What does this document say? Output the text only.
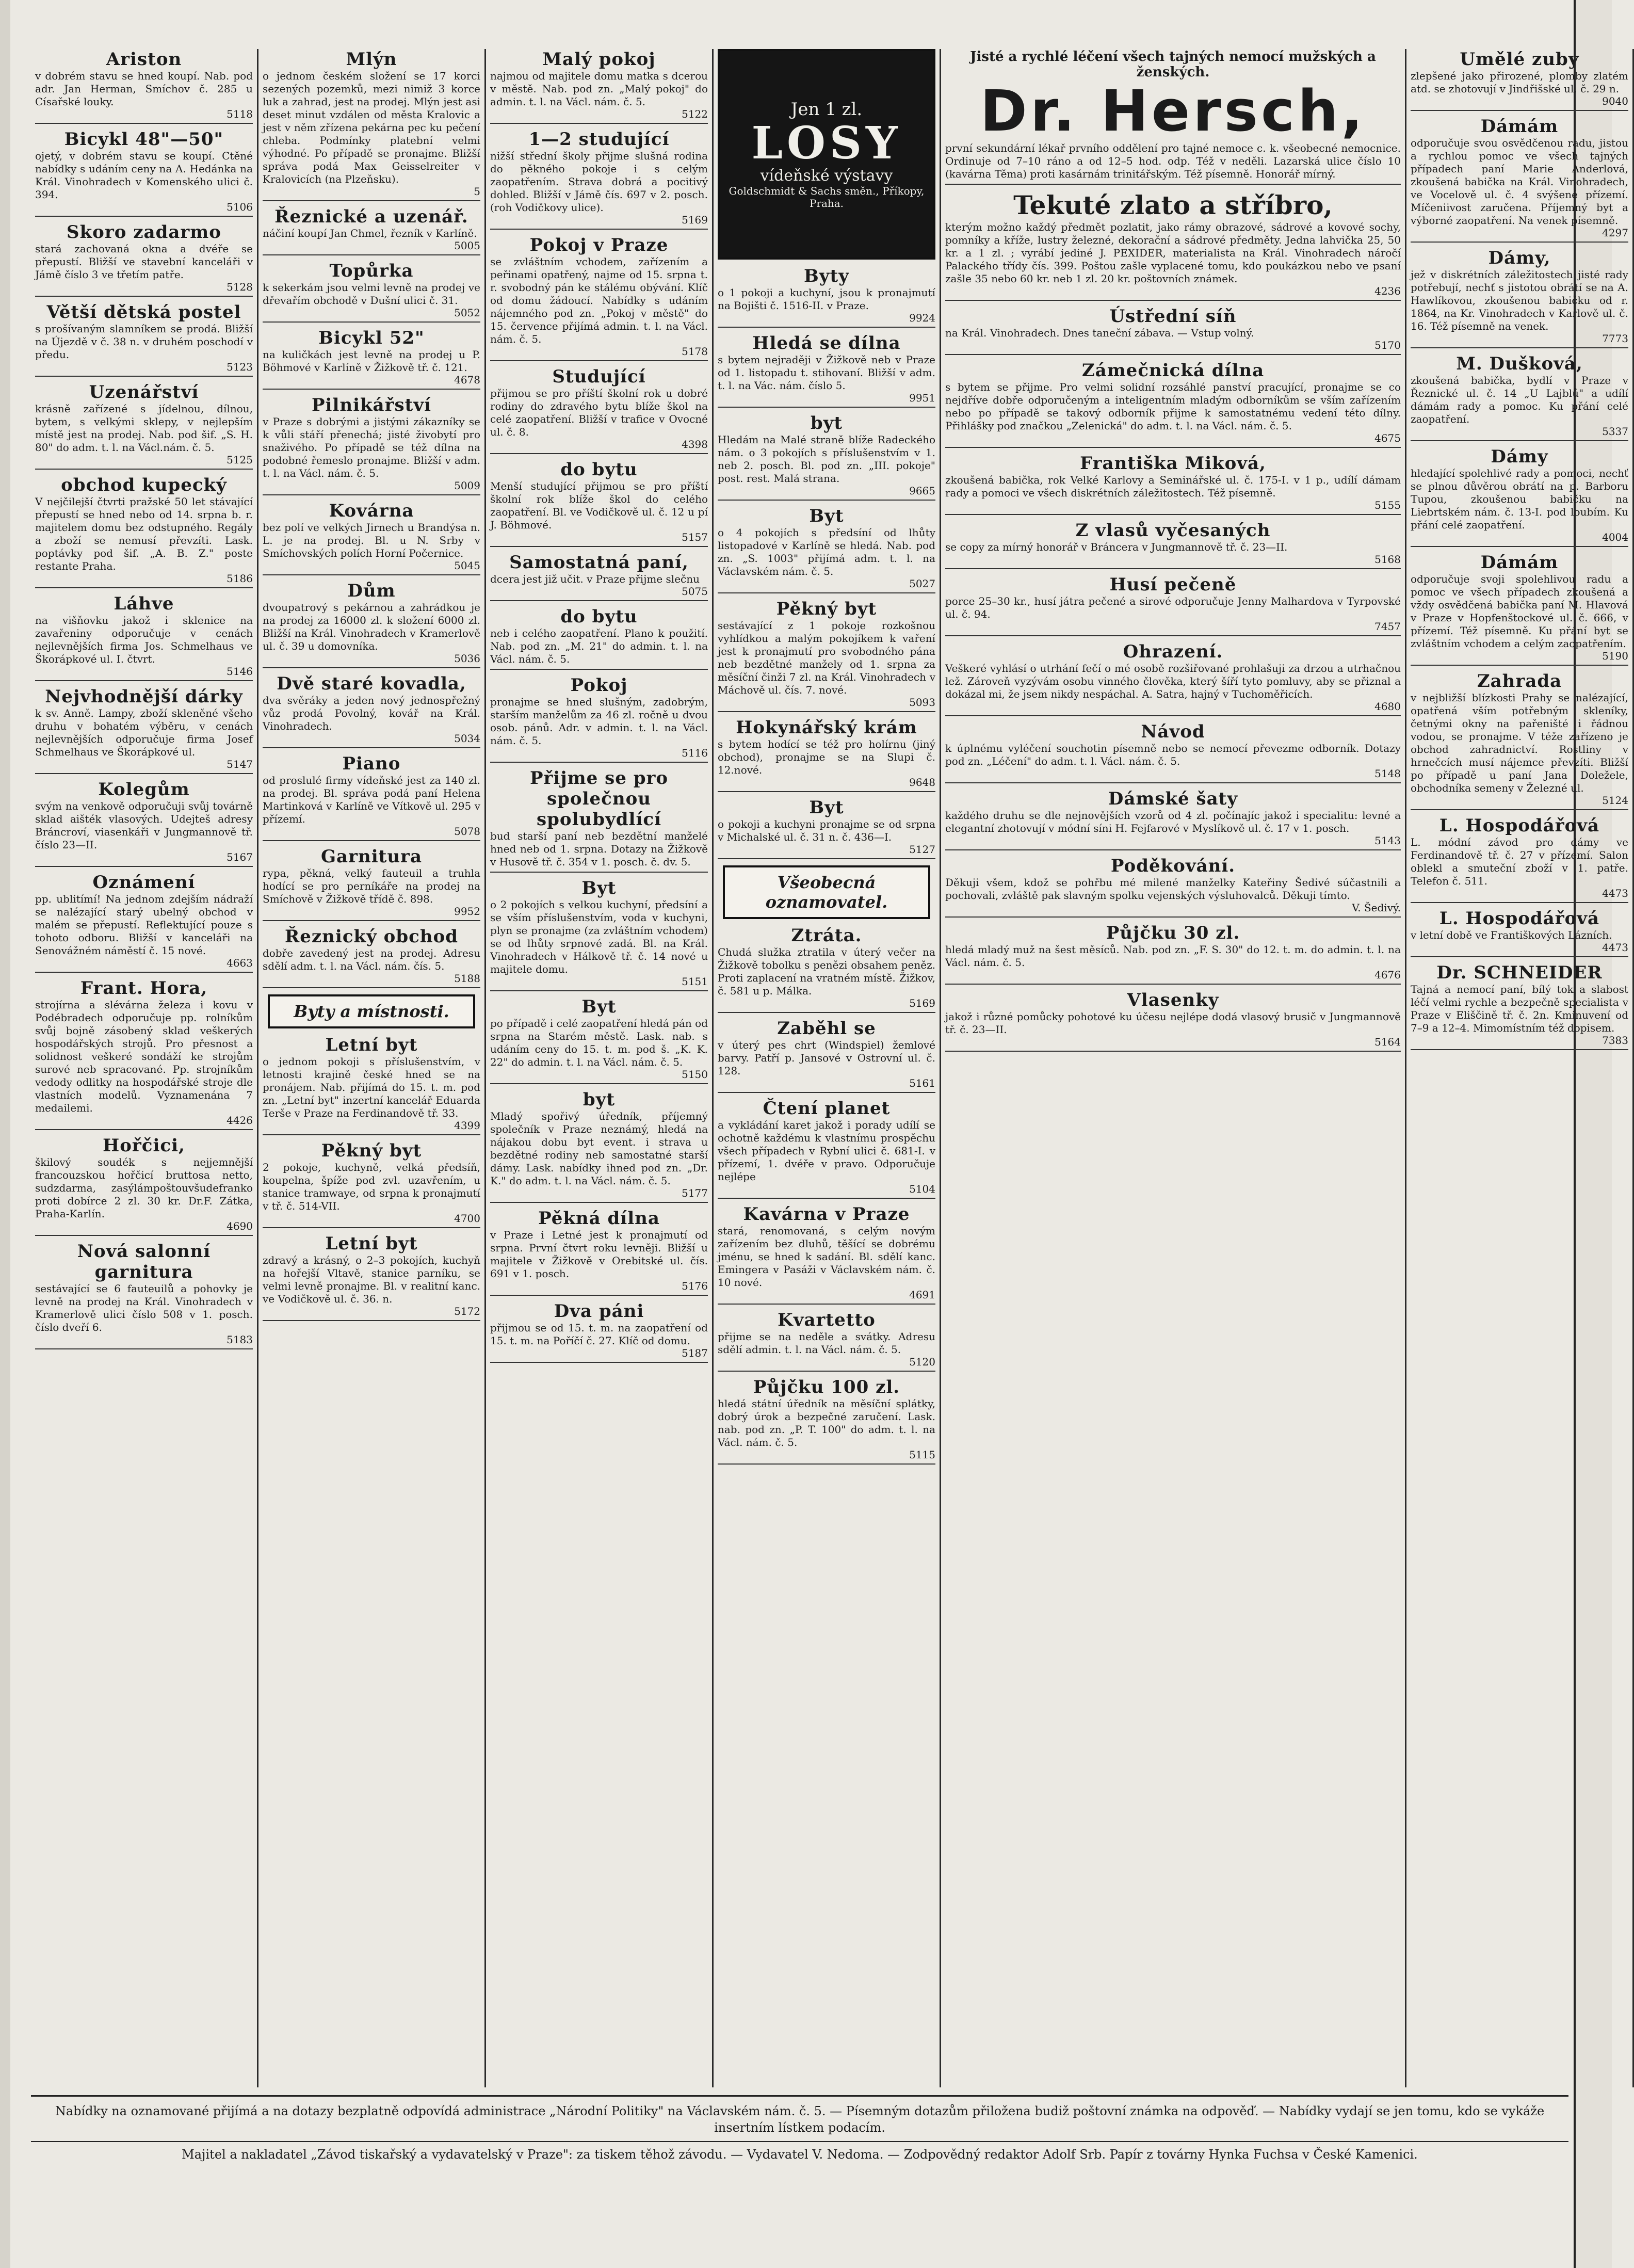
Ariston

v dobrém stavu se hned koupí. Nab. pod adr. Jan Herman, Smíchov č. 285 u Císařské louky.

5118
Bicykl 48"—50"

ojetý, v dobrém stavu se koupí. Ctěné nabídky s udáním ceny na A. Hedánka na Král. Vinohradech v Komenského ulici č. 394.

5106
Skoro zadarmo

stará zachovaná okna a dvéře se přepustí. Bližší ve stavební kanceláři v Jámě číslo 3 ve třetím patře.

5128
Větší dětská postel

s prošívaným slamníkem se prodá. Bližší na Újezdě v č. 38 n. v druhém poschodí v předu.

5123
Uzenářství

krásně zařízené s jídelnou, dílnou, bytem, s velkými sklepy, v nejlepším místě jest na prodej. Nab. pod šif. „S. H. 80" do adm. t. l. na Václ.nám. č. 5.

5125
obchod kupecký

V nejčilejší čtvrti pražské 50 let stávající přepustí se hned nebo od 14. srpna b. r. majitelem domu bez odstupného. Regály a zboží se nemusí převzíti. Lask. poptávky pod šif. „A. B. Z." poste restante Praha.

5186
Láhve

na višňovku jakož i sklenice na zavařeniny odporučuje v cenách nejlevnějších firma Jos. Schmelhaus ve Škorápkové ul. I. čtvrt.

5146
Nejvhodnější dárky

k sv. Anně. Lampy, zboží skleněné všeho druhu v bohatém výběru, v cenách nejlevnějších odporučuje firma Josef Schmelhaus ve Škorápkové ul.

5147
Kolegům

svým na venkově odporučuji svůj továrně sklad aišték vlasových. Udejteš adresy Bráncroví, viasenkáři v Jungmannově tř. číslo 23—II.

5167
Oznámení

pp. ublitímí! Na jednom zdejším nádraží se nalézající starý ubelný obchod v malém se přepustí. Reflektující pouze s tohoto odboru. Bližší v kanceláři na Senovážném náměstí č. 15 nové.

4663
Frant. Hora,

strojírna a slévárna železa i kovu v Podébradech odporučuje pp. rolníkům svůj bojně zásobený sklad veškerých hospodářských strojů. Pro přesnost a solidnost veškeré sondáží ke strojům surové neb spracované. Pp. strojníkům vedody odlitky na hospodářské stroje dle vlastních modelů. Vyznamenána 7 medailemi.

4426
Hořčici,

škilový soudék s nejjemnější francouzskou hořčicí bruttosa netto, sudzdarma, zasýlámpoštouvšudefranko proti dobírce 2 zl. 30 kr. Dr.F. Zátka, Praha-Karlín.

4690
Nová salonní garnitura

sestávající se 6 fauteuilů a pohovky je levně na prodej na Král. Vinohradech v Kramerlově ulici číslo 508 v 1. posch. číslo dveří 6.

5183
Mlýn

o jednom českém složení se 17 korci sezených pozemků, mezi nimiž 3 korce luk a zahrad, jest na prodej. Mlýn jest asi deset minut vzdálen od města Kralovic a jest v něm zřízena pekárna pec ku pečení chleba. Podmínky platební velmi výhodné. Po případě se pronajme. Bližší správa podá Max Geisselreiter v Kralovicích (na Plzeňsku).

5
Řeznické a uzenář.

náčiní koupí Jan Chmel, řezník v Karlíně.

5005
Topůrka

k sekerkám jsou velmi levně na prodej ve dřevařím obchodě v Dušní ulici č. 31.

5052
Bicykl 52"

na kuličkách jest levně na prodej u P. Böhmové v Karlíně v Žižkově tř. č. 121.

4678
Pilnikářství

v Praze s dobrými a jistými zákazníky se k vůli stáří přenechá; jisté živobytí pro snaživého. Po případě se též dílna na podobné řemeslo pronajme. Bližší v adm. t. l. na Václ. nám. č. 5.

5009
Kovárna

bez polí ve velkých Jirnech u Brandýsa n. L. je na prodej. Bl. u N. Srby v Smíchovských polích Horní Počernice.

5045
Dům

dvoupatrový s pekárnou a zahrádkou je na prodej za 16000 zl. k složení 6000 zl. Bližší na Král. Vinohradech v Kramerlově ul. č. 39 u domovníka.

5036
Dvě staré kovadla,

dva svěráky a jeden nový jednospřežný vůz prodá Povolný, kovář na Král. Vinohradech.

5034
Piano

od proslulé firmy vídeňské jest za 140 zl. na prodej. Bl. správa podá paní Helena Martinková v Karlíně ve Vítkově ul. 295 v přízemí.

5078
Garnitura

rypa, pěkná, velký fauteuil a truhla hodící se pro perníkáře na prodej na Smíchově v Žižkově třídě č. 898.

9952
Řeznický obchod

dobře zavedený jest na prodej. Adresu sdělí adm. t. l. na Václ. nám. čís. 5.

5188
Byty a místnosti.
Letní byt

o jednom pokoji s příslušenstvím, v letnosti krajině české hned se na pronájem. Nab. přijímá do 15. t. m. pod zn. „Letní byt" inzertní kancelář Eduarda Terše v Praze na Ferdinandově tř. 33.

4399
Pěkný byt

2 pokoje, kuchyně, velká předsíň, koupelna, špíže pod zvl. uzavřením, u stanice tramwaye, od srpna k pronajmutí v tř. č. 514-VII.

4700
Letní byt

zdravý a krásný, o 2–3 pokojích, kuchyň na hořejší Vltavě, stanice parníku, se velmi levně pronajme. Bl. v realitní kanc. ve Vodičkově ul. č. 36. n.

5172
Malý pokoj

najmou od majitele domu matka s dcerou v městě. Nab. pod zn. „Malý pokoj" do admin. t. l. na Václ. nám. č. 5.

5122
1—2 studující

nižší střední školy přijme slušná rodina do pěkného pokoje i s celým zaopatřením. Strava dobrá a pocitivý dohled. Bližší v Jámě čís. 697 v 2. posch. (roh Vodičkovy ulice).

5169
Pokoj v Praze

se zvláštním vchodem, zařízením a peřinami opatřený, najme od 15. srpna t. r. svobodný pán ke stálému obývání. Klíč od domu žádoucí. Nabídky s udáním nájemného pod zn. „Pokoj v městě" do 15. července přijímá admin. t. l. na Václ. nám. č. 5.

5178
Studující

přijmou se pro příští školní rok u dobré rodiny do zdravého bytu blíže škol na celé zaopatření. Bližší v trafice v Ovocné ul. č. 8.

4398
do bytu

Menší studující přijmou se pro příští školní rok blíže škol do celého zaopatření. Bl. ve Vodičkově ul. č. 12 u pí J. Böhmové.

5157
Samostatná paní,

dcera jest již učit. v Praze přijme slečnu

5075
do bytu

neb i celého zaopatření. Plano k použití. Nab. pod zn. „M. 21" do admin. t. l. na Václ. nám. č. 5.

Pokoj

pronajme se hned slušným, zadobrým, starším manželům za 46 zl. ročně u dvou osob. pánů. Adr. v admin. t. l. na Václ. nám. č. 5.

5116
Přijme se pro společnou spolubydlící

bud starší paní neb bezdětní manželé hned neb od 1. srpna. Dotazy na Žižkově v Husově tř. č. 354 v 1. posch. č. dv. 5.

Byt

o 2 pokojích s velkou kuchyní, předsíní a se vším příslušenstvím, voda v kuchyni, plyn se pronajme (za zvláštním vchodem) se od lhůty srpnové zadá. Bl. na Král. Vinohradech v Hálkově tř. č. 14 nové u majitele domu.

5151
Byt

po případě i celé zaopatření hledá pán od srpna na Starém městě. Lask. nab. s udáním ceny do 15. t. m. pod š. „K. K. 22" do admin. t. l. na Václ. nám. č. 5.

5150
byt

Mladý spořivý úředník, příjemný společník v Praze neznámý, hledá na nájakou dobu byt event. i strava u bezdětné rodiny neb samostatné starší dámy. Lask. nabídky ihned pod zn. „Dr. K." do adm. t. l. na Václ. nám. č. 5.

5177
Pěkná dílna

v Praze i Letné jest k pronajmutí od srpna. První čtvrt roku levněji. Bližší u majitele v Žižkově v Orebitské ul. čís. 691 v 1. posch.

5176
Dva páni

přijmou se od 15. t. m. na zaopatření od 15. t. m. na Poříčí č. 27. Klíč od domu.

5187
Jen 1 zl.
LOSY
vídeňské výstavy
Goldschmidt & Sachs směn., Příkopy, Praha.
Byty

o 1 pokoji a kuchyní, jsou k pronajmutí na Bojišti č. 1516-II. v Praze.

9924
Hledá se dílna

s bytem nejraději v Žižkově neb v Praze od 1. listopadu t. stihovaní. Bližší v adm. t. l. na Vác. nám. číslo 5.

9951
byt

Hledám na Malé straně blíže Radeckého nám. o 3 pokojích s příslušenstvím v 1. neb 2. posch. Bl. pod zn. „III. pokoje" post. rest. Malá strana.

9665
Byt

o 4 pokojích s předsíní od lhůty listopadové v Karlíně se hledá. Nab. pod zn. „S. 1003" přijímá adm. t. l. na Václavském nám. č. 5.

5027
Pěkný byt

sestávající z 1 pokoje rozkošnou vyhlídkou a malým pokojíkem k vaření jest k pronajmutí pro svobodného pána neb bezdětné manžely od 1. srpna za měsíční činži 7 zl. na Král. Vinohradech v Máchově ul. čís. 7. nové.

5093
Hokynářský krám

s bytem hodící se též pro holírnu (jiný obchod), pronajme se na Slupi č. 12.nové.

9648
Byt

o pokoji a kuchyni pronajme se od srpna v Michalské ul. č. 31 n. č. 436—I.

5127
Všeobecná oznamovatel.
Ztráta.

Chudá služka ztratila v úterý večer na Žižkově tobolku s penězi obsahem peněz. Proti zaplacení na vratném místě. Žižkov, č. 581 u p. Málka.

5169
Zaběhl se

v úterý pes chrt (Windspiel) žemlové barvy. Patří p. Jansové v Ostrovní ul. č. 128.

5161
Čtení planet

a vykládání karet jakož i porady udílí se ochotně každému k vlastnímu prospěchu všech případech v Rybní ulici č. 681-I. v přízemí, 1. dvéře v pravo. Odporučuje nejlépe

5104
Kavárna v Praze

stará, renomovaná, s celým novým zařízením bez dluhů, těšící se dobrému jménu, se hned k sadání. Bl. sdělí kanc. Emingera v Pasáži v Václavském nám. č. 10 nové.

4691
Kvartetto

přijme se na neděle a svátky. Adresu sdělí admin. t. l. na Václ. nám. č. 5.

5120
Půjčku 100 zl.

hledá státní úředník na měsíční splátky, dobrý úrok a bezpečné zaručení. Lask. nab. pod zn. „P. T. 100" do adm. t. l. na Václ. nám. č. 5.

5115
Jisté a rychlé léčení všech tajných nemocí mužských a ženských.
Dr. Hersch,

první sekundární lékař prvního oddělení pro tajné nemoce c. k. všeobecné nemocnice. Ordinuje od 7–10 ráno a od 12–5 hod. odp. Též v neděli. Lazarská ulice číslo 10 (kavárna Těma) proti kasárnám trinitářským. Též písemně. Honorář mírný.

Tekuté zlato a stříbro,

kterým možno každý předmět pozlatit, jako rámy obrazové, sádrové a kovové sochy, pomníky a kříže, lustry železné, dekorační a sádrové předměty. Jedna lahvička 25, 50 kr. a 1 zl. ; vyrábí jediné J. PEXIDER, materialista na Král. Vinohradech náročí Palackého třídy čís. 399. Poštou zašle vyplacené tomu, kdo poukázkou nebo ve psaní zašle 35 nebo 60 kr. neb 1 zl. 20 kr. poštovních známek.

4236
Ústřední síň

na Král. Vinohradech. Dnes taneční zábava. — Vstup volný.

5170
Zámečnická dílna

s bytem se přijme. Pro velmi solidní rozsáhlé panství pracující, pronajme se co nejdříve dobře odporučeným a inteligentním mladým odborníkům se vším zařízením nebo po případě se takový odborník přijme k samostatnému vedení této dílny. Přihlášky pod značkou „Zelenická" do adm. t. l. na Václ. nám. č. 5.

4675
Františka Miková,

zkoušená babička, rok Velké Karlovy a Seminářské ul. č. 175-I. v 1 p., udílí dámam rady a pomoci ve všech diskrétních záležitostech. Též písemně.

5155
Z vlasů vyčesaných

se copy za mírný honorář v Bráncera v Jungmannově tř. č. 23—II.

5168
Husí pečeně

porce 25–30 kr., husí játra pečené a sirové odporučuje Jenny Malhardova v Tyrpovské ul. č. 94.

7457
Ohrazení.

Veškeré vyhlásí o utrhání fečí o mé osobě rozšiřované prohlašuji za drzou a utrhačnou lež. Zároveň vyzývám osobu vinného člověka, který šíří tyto pomluvy, aby se přiznal a dokázal mi, že jsem nikdy nespáchal. A. Satra, hajný v Tuchoměřicích.

4680
Návod

k úplnému vyléčení souchotin písemně nebo se nemocí převezme odborník. Dotazy pod zn. „Léčení" do adm. t. l. Václ. nám. č. 5.

5148
Dámské šaty

každého druhu se dle nejnovějších vzorů od 4 zl. počínajíc jakož i specialitu: levné a elegantní zhotovují v módní síni H. Fejfarové v Myslíkově ul. č. 17 v 1. posch.

5143
Poděkování.

Děkuji všem, kdož se pohřbu mé milené manželky Kateřiny Šedivé súčastnili a pochovali, zvláště pak slavným spolku vejenských výsluhovalců. Děkuji tímto.

V. Šedivý.
Půjčku 30 zl.

hledá mladý muž na šest měsíců. Nab. pod zn. „F. S. 30" do 12. t. m. do admin. t. l. na Václ. nám. č. 5.

4676
Vlasenky

jakož i různé pomůcky pohotové ku účesu nejlépe dodá vlasový brusič v Jungmannově tř. č. 23—II.

5164
Umělé zuby

zlepšené jako přirozené, plomby zlatém atd. se zhotovují v Jindřišské ul. č. 29 n.

9040
Dámám

odporučuje svou osvědčenou radu, jistou a rychlou pomoc ve všech tajných případech paní Marie Anderlová, zkoušená babička na Král. Vinohradech, ve Vocelově ul. č. 4 svýšené přízemí. Míčeniivost zaručena. Příjemný byt a výborné zaopatření. Na venek písemně.

4297
Dámy,

jež v diskrétních záležitostech jisté rady potřebují, nechť s jistotou obrátí se na A. Hawlíkovou, zkoušenou babičku od r. 1864, na Kr. Vinohradech v Karlově ul. č. 16. Též písemně na venek.

7773
M. Dušková,

zkoušená babička, bydlí v Praze v Řeznické ul. č. 14 „U Lajblů" a udílí dámám rady a pomoc. Ku přání celé zaopatření.

5337
Dámy

hledající spolehlivé rady a pomoci, nechť se plnou důvěrou obrátí na p. Barboru Tupou, zkoušenou babičku na Liebrtském nám. č. 13-I. pod loubím. Ku přání celé zaopatření.

4004
Dámám

odporučuje svoji spolehlivou radu a pomoc ve všech případech zkoušená a vždy osvědčená babička paní M. Hlavová v Praze v Hopfenštockové ul. č. 666, v přízemí. Též písemně. Ku přání byt se zvláštním vchodem a celým zaopatřením.

5190
Zahrada

v nejbližší blízkosti Prahy se nalézající, opatřená vším potřebným skleníky, četnými okny na pařeništé i řádnou vodou, se pronajme. V téže zařízeno je obchod zahradnictví. Rostliny v hrnečcích musí nájemce převzíti. Bližší po případě u paní Jana Doležele, obchodníka semeny v Železné ul.

5124
L. Hospodářová

L. módní závod pro dámy ve Ferdinandově tř. č. 27 v přízemí. Salon oblekl a smuteční zboží v 1. patře. Telefon č. 511.

4473
L. Hospodářová

v letní době ve Františkových Lázních.

4473
Dr. SCHNEIDER

Tajná a nemocí paní, bílý tok a slabost léčí velmi rychle a bezpečně specialista v Praze v Eliščině tř. č. 2n. Kminuvení od 7–9 a 12–4. Mimomístním též dopisem.

7383
Nabídky na oznamované přijímá a na dotazy bezplatně odpovídá administrace „Národní Politiky" na Václavském nám. č. 5. — Písemným dotazům přiložena budiž poštovní známka na odpověď. — Nabídky vydají se jen tomu, kdo se vykáže insertním lístkem podacím.
Majitel a nakladatel „Závod tiskařský a vydavatelský v Praze": za tiskem těhož závodu. — Vydavatel V. Nedoma. — Zodpovědný redaktor Adolf Srb. Papír z továrny Hynka Fuchsa v České Kamenici.
